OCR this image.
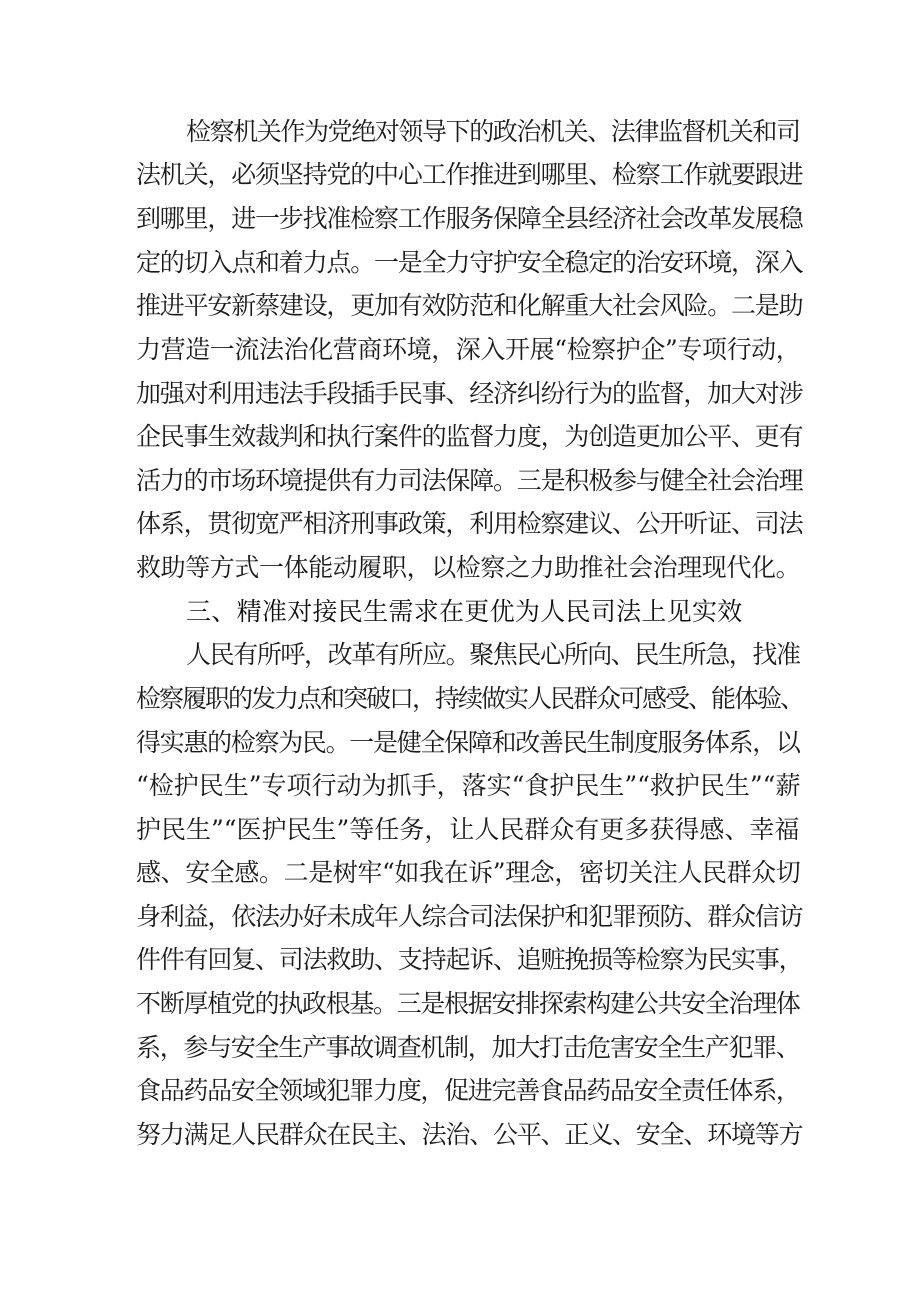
检察机关作为党绝对领导下的政治机关、法律监督机关和司

法机关，必须坚持党的中心工作推进到哪里、检察工作就要跟进

到哪里，进一步找准检察工作服务保障全县经济社会改革发展稳

定的切入点和着力点。一是全力守护安全稳定的治安环境，深入

推进平安新蔡建设，更加有效防范和化解重大社会风险。二是助

力营造一流法治化营商环境，深入开展“检察护企”专项行动，

加强对利用违法手段插手民事、经济纠纷行为的监督，加大对涉

企民事生效裁判和执行案件的监督力度，为创造更加公平、更有

活力的市场环境提供有力司法保障。三是积极参与健全社会治理

体系，贯彻宽严相济刑事政策，利用检察建议、公开听证、司法

救助等方式一体能动履职，以检察之力助推社会治理现代化。

三、精准对接民生需求在更优为人民司法上见实效

人民有所呼，改革有所应。聚焦民心所向、民生所急，找准

检察履职的发力点和突破口，持续做实人民群众可感受、能体验、

得实惠的检察为民。一是健全保障和改善民生制度服务体系，以

“检护民生”专项行动为抓手，落实“食护民生”“救护民生”“薪

护民生”“医护民生”等任务，让人民群众有更多获得感、幸福

感、安全感。二是树牢“如我在诉”理念，密切关注人民群众切

身利益，依法办好未成年人综合司法保护和犯罪预防、群众信访

件件有回复、司法救助、支持起诉、追赃挽损等检察为民实事，

不断厚植党的执政根基。三是根据安排探索构建公共安全治理体

系，参与安全生产事故调查机制，加大打击危害安全生产犯罪、

食品药品安全领域犯罪力度，促进完善食品药品安全责任体系，

努力满足人民群众在民主、法治、公平、正义、安全、环境等方
